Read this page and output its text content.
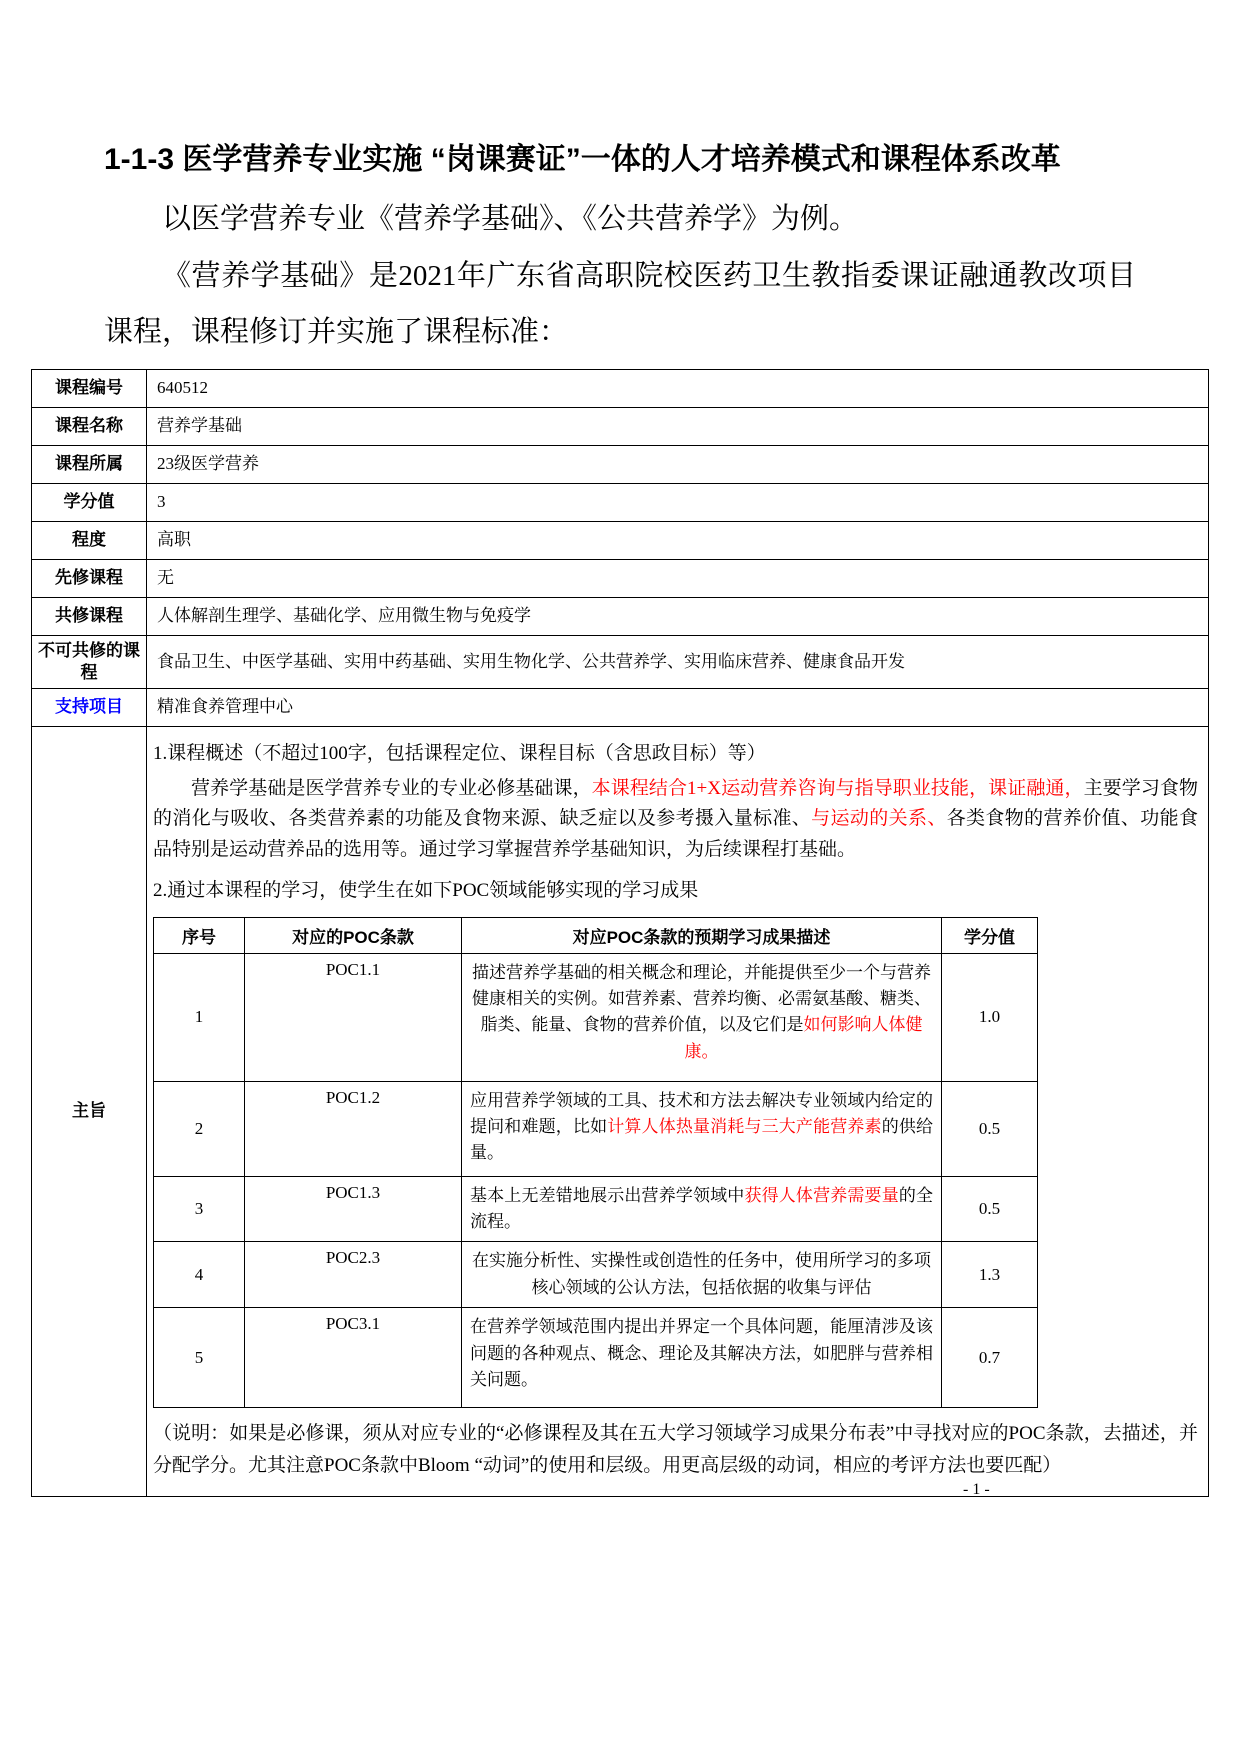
1-1-3 医学营养专业实施 “岗课赛证”一体的人才培养模式和课程体系改革

以医学营养专业《营养学基础》、《公共营养学》为例。

《营养学基础》是2021年广东省高职院校医药卫生教指委课证融通教改项目课程，课程修订并实施了课程标准：

课程编号	640512
课程名称	营养学基础
课程所属	23级医学营养
学分值	3
程度	高职
先修课程	无
共修课程	人体解剖生理学、基础化学、应用微生物与免疫学
不可共修的课程	食品卫生、中医学基础、实用中药基础、实用生物化学、公共营养学、实用临床营养、健康食品开发
支持项目	精准食养管理中心
主旨	

1.课程概述（不超过100字，包括课程定位、课程目标（含思政目标）等）

营养学基础是医学营养专业的专业必修基础课，本课程结合1+X运动营养咨询与指导职业技能，课证融通，主要学习食物的消化与吸收、各类营养素的功能及食物来源、缺乏症以及参考摄入量标准、与运动的关系、各类食物的营养价值、功能食品特别是运动营养品的选用等。通过学习掌握营养学基础知识，为后续课程打基础。

2.通过本课程的学习，使学生在如下POC领域能够实现的学习成果

序号	对应的POC条款	对应POC条款的预期学习成果描述	学分值
1	POC1.1	描述营养学基础的相关概念和理论，并能提供至少一个与营养健康相关的实例。如营养素、营养均衡、必需氨基酸、糖类、脂类、能量、食物的营养价值，以及它们是如何影响人体健康。	1.0
2	POC1.2	应用营养学领域的工具、技术和方法去解决专业领域内给定的提问和难题，比如计算人体热量消耗与三大产能营养素的供给量。	0.5
3	POC1.3	基本上无差错地展示出营养学领域中获得人体营养需要量的全流程。	0.5
4	POC2.3	在实施分析性、实操性或创造性的任务中，使用所学习的多项核心领域的公认方法，包括依据的收集与评估	1.3
5	POC3.1	在营养学领域范围内提出并界定一个具体问题，能厘清涉及该问题的各种观点、概念、理论及其解决方法，如肥胖与营养相关问题。	0.7

（说明：如果是必修课，须从对应专业的“必修课程及其在五大学习领域学习成果分布表”中寻找对应的POC条款，去描述，并分配学分。尤其注意POC条款中Bloom “动词”的使用和层级。用更高层级的动词，相应的考评方法也要匹配）

- 1 -
